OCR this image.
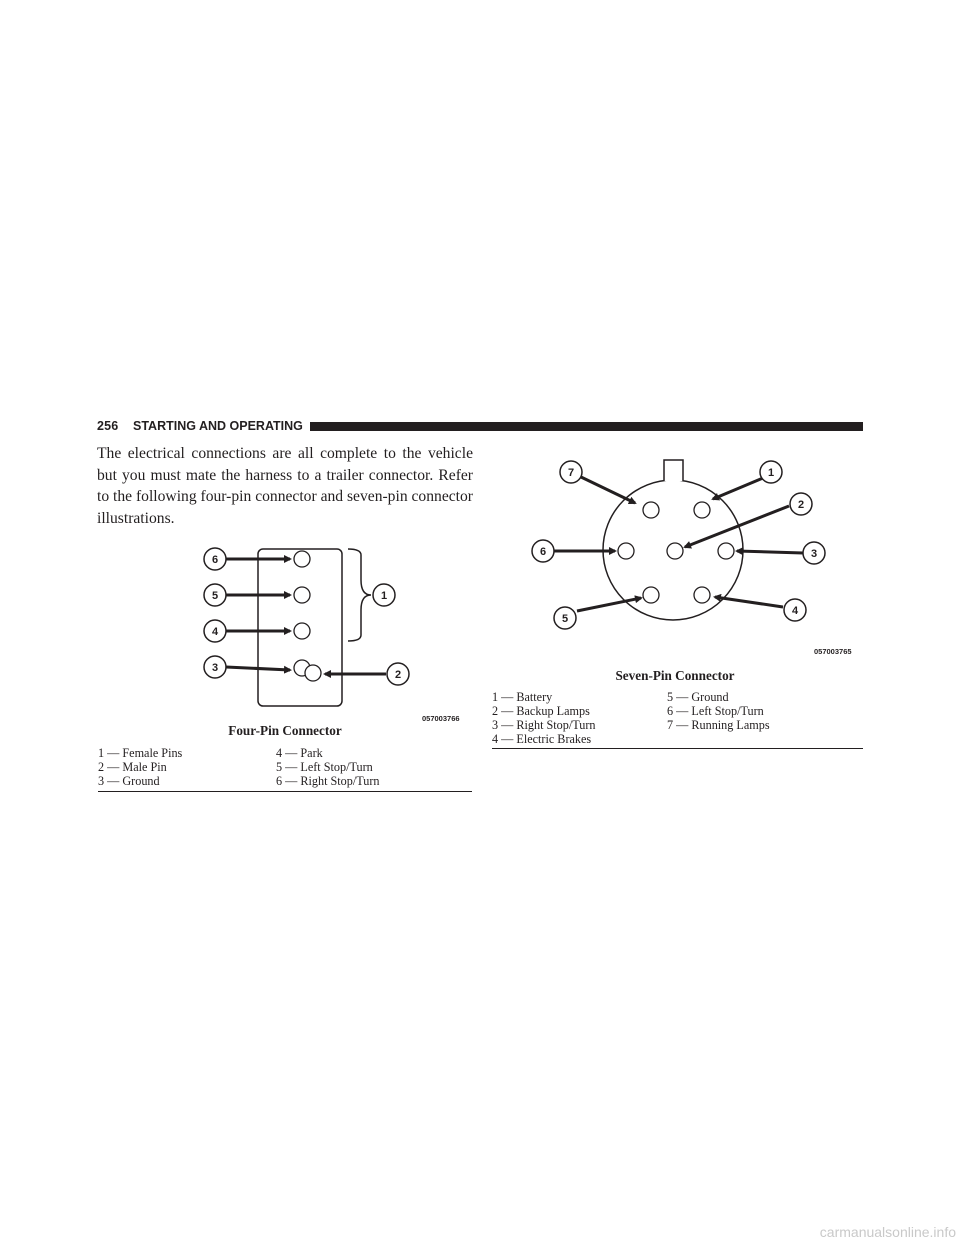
256 STARTING AND OPERATING
The electrical connections are all complete to the vehicle but you must mate the harness to a trailer connector. Refer to the following four-pin connector and seven-pin connector illustrations.
6
5
4
3
1
2
057003766
Four-Pin Connector
1 — Female Pins
2 — Male Pin
3 — Ground
4 — Park
5 — Left Stop/Turn
6 — Right Stop/Turn
7	1
2
6	3
5
4
057003765
Seven-Pin Connector
1 — Battery
2 — Backup Lamps
3 — Right Stop/Turn
4 — Electric Brakes
5 — Ground
6 — Left Stop/Turn
7 — Running Lamps
carmanualsonline.info
